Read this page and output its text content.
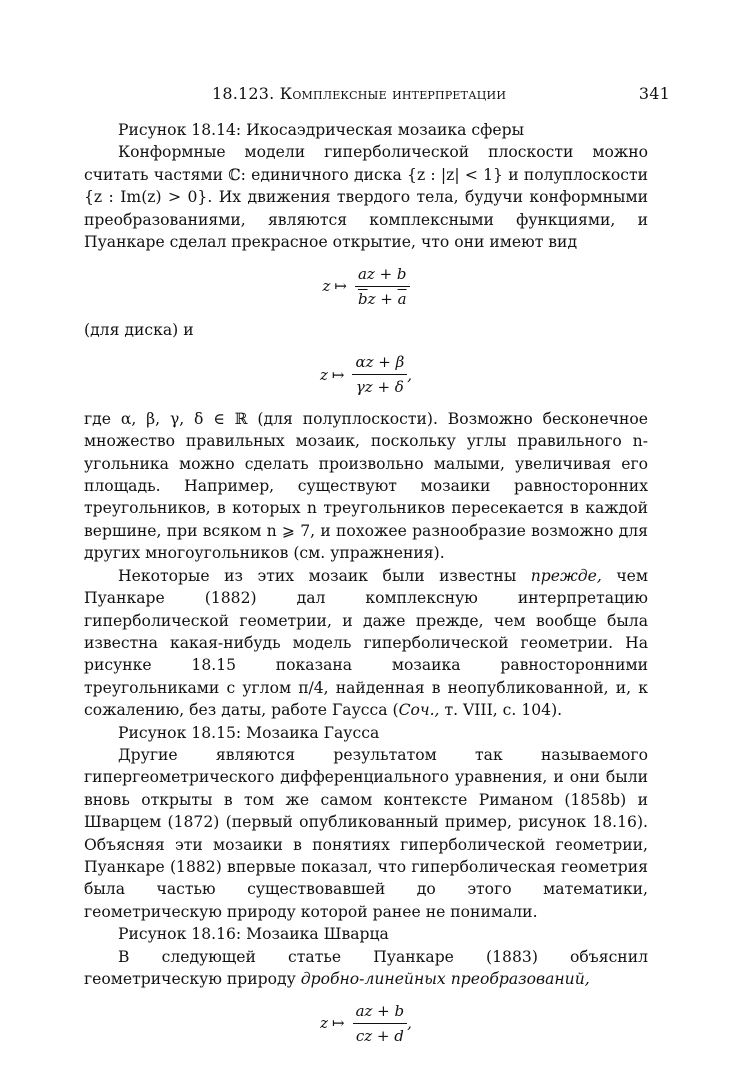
18.123. Комплексные интерпретации	341

Рисунок 18.14: Икосаэдрическая мозаика сферы

Конформные модели гиперболической плоскости можно считать частями ℂ: единичного диска {z : |z| < 1} и полуплоскости {z : Im(z) > 0}. Их движения твердого тела, будучи конформными преобразованиями, являются комплексными функциями, и Пуанкаре сделал прекрасное открытие, что они имеют вид

z ↦ $\frac{az + b}{\overline{b}z + \overline{a}}$

(для диска) и

z ↦ $\frac{\alpha z + \beta}{\gamma z + \delta}$ ,

где α, β, γ, δ ∈ ℝ (для полуплоскости). Возможно бесконечное множество правильных мозаик, поскольку углы правильного n-угольника можно сделать произвольно малыми, увеличивая его площадь. Например, существуют мозаики равносторонних треугольников, в которых n треугольников пересекается в каждой вершине, при всяком n ⩾ 7, и похожее разнообразие возможно для других многоугольников (см. упражнения).

Некоторые из этих мозаик были известны прежде, чем Пуанкаре (1882) дал комплексную интерпретацию гиперболической геометрии, и даже прежде, чем вообще была известна какая-нибудь модель гиперболической геометрии. На рисунке 18.15 показана мозаика равносторонними треугольниками с углом π/4, найденная в неопубликованной, и, к сожалению, без даты, работе Гаусса (Соч., т. VIII, с. 104).

Рисунок 18.15: Мозаика Гаусса

Другие являются результатом так называемого гипергеометрического дифференциального уравнения, и они были вновь открыты в том же самом контексте Риманом (1858b) и Шварцем (1872) (первый опубликованный пример, рисунок 18.16). Объясняя эти мозаики в понятиях гиперболической геометрии, Пуанкаре (1882) впервые показал, что гиперболическая геометрия была частью существовавшей до этого математики, геометрическую природу которой ранее не понимали.

Рисунок 18.16: Мозаика Шварца

В следующей статье Пуанкаре (1883) объяснил геометрическую природу дробно-линейных преобразований,

z ↦ $\frac{az + b}{cz + d}$ ,
